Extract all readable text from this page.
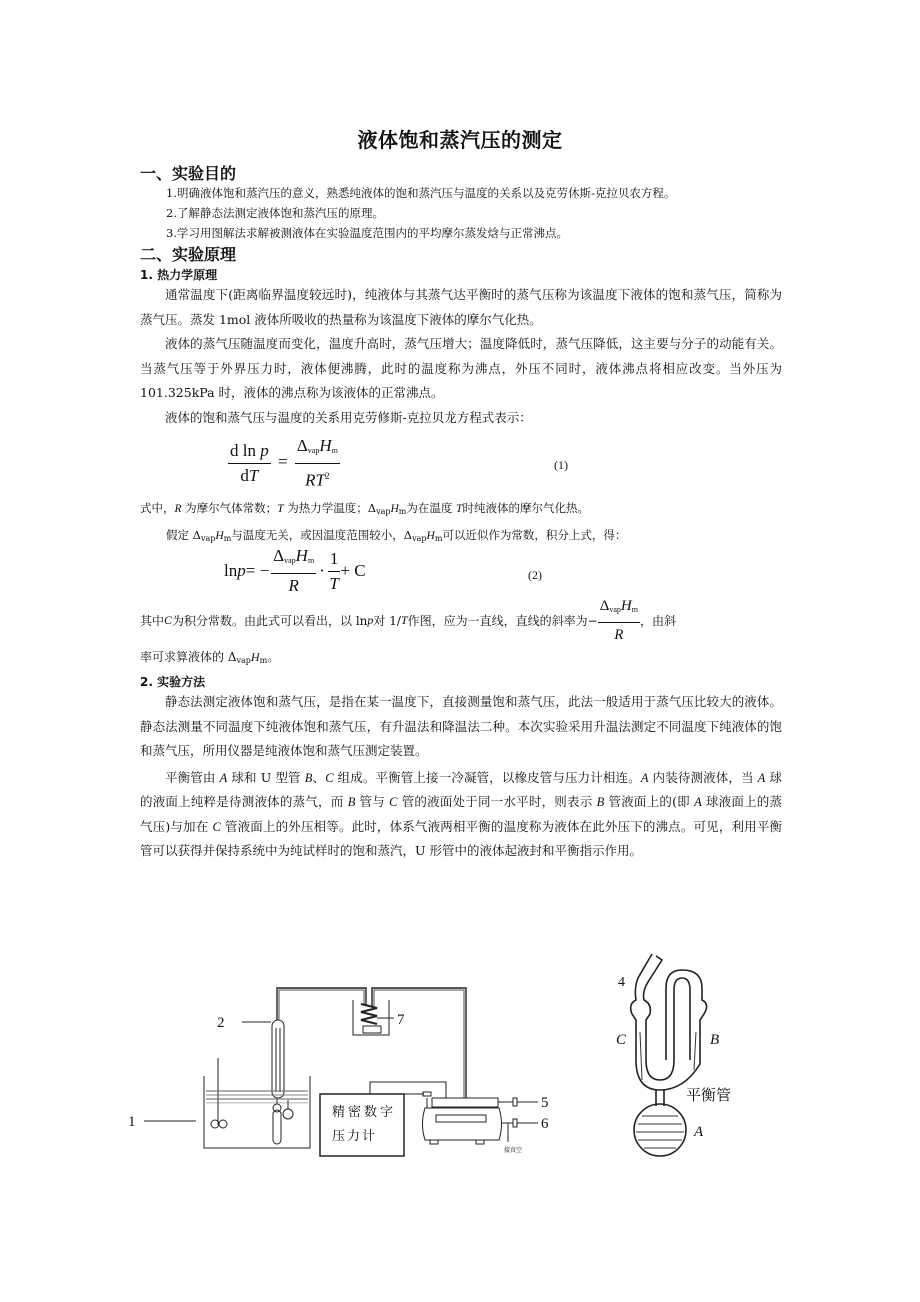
液体饱和蒸汽压的测定
一、实验目的
1.明确液体饱和蒸汽压的意义，熟悉纯液体的饱和蒸汽压与温度的关系以及克劳休斯-克拉贝农方程。
2.了解静态法测定液体饱和蒸汽压的原理。
3.学习用图解法求解被测液体在实验温度范围内的平均摩尔蒸发焓与正常沸点。
二、实验原理
1. 热力学原理

通常温度下(距离临界温度较远时)，纯液体与其蒸气达平衡时的蒸气压称为该温度下液体的饱和蒸气压，简称为蒸气压。蒸发 1mol 液体所吸收的热量称为该温度下液体的摩尔气化热。

液体的蒸气压随温度而变化，温度升高时，蒸气压增大；温度降低时，蒸气压降低，这主要与分子的动能有关。当蒸气压等于外界压力时，液体便沸腾，此时的温度称为沸点，外压不同时，液体沸点将相应改变。当外压为 101.325kPa 时，液体的沸点称为该液体的正常沸点。

液体的饱和蒸气压与温度的关系用克劳修斯-克拉贝龙方程式表示：

$\frac{\text{d ln p}}{dT} = \frac{\Delta_{vap}H_m}{RT^2}$	(1)
式中，R 为摩尔气体常数；T 为热力学温度；$\Delta_{vap}H_m$为在温度 T时纯液体的摩尔气化热。
假定 $\Delta_{vap}H_m$与温度无关，或因温度范围较小，$\Delta_{vap}H_m$可以近似作为常数，积分上式，得：
ln p = − $\frac{\Delta_{vap}H_m}{R} \cdot \frac{1}{T} + C$	(2)
其中 C 为积分常数。由此式可以看出，以 ln p 对 1/ T 作图，应为一直线，直线的斜率为 − $\frac{\Delta_{vap}H_m}{R}$ ，由斜
率可求算液体的 $\Delta_{vap}H_m$。
2. 实验方法

静态法测定液体饱和蒸气压，是指在某一温度下，直接测量饱和蒸气压，此法一般适用于蒸气压比较大的液体。静态法测量不同温度下纯液体饱和蒸气压，有升温法和降温法二种。本次实验采用升温法测定不同温度下纯液体的饱和蒸气压，所用仪器是纯液体饱和蒸气压测定装置。

平衡管由 A 球和 U 型管 B、C 组成。平衡管上接一冷凝管，以橡皮管与压力计相连。A 内装待测液体，当 A 球的液面上纯粹是待测液体的蒸气，而 B 管与 C 管的液面处于同一水平时，则表示 B 管液面上的(即 A 球液面上的蒸气压)与加在 C 管液面上的外压相等。此时，体系气液两相平衡的温度称为液体在此外压下的沸点。可见，利用平衡管可以获得并保持系统中为纯试样时的饱和蒸汽，U 形管中的液体起液封和平衡指示作用。

1
2
5
6
7
精密数字
压力计
接真空
4
C	B
A
平衡管
